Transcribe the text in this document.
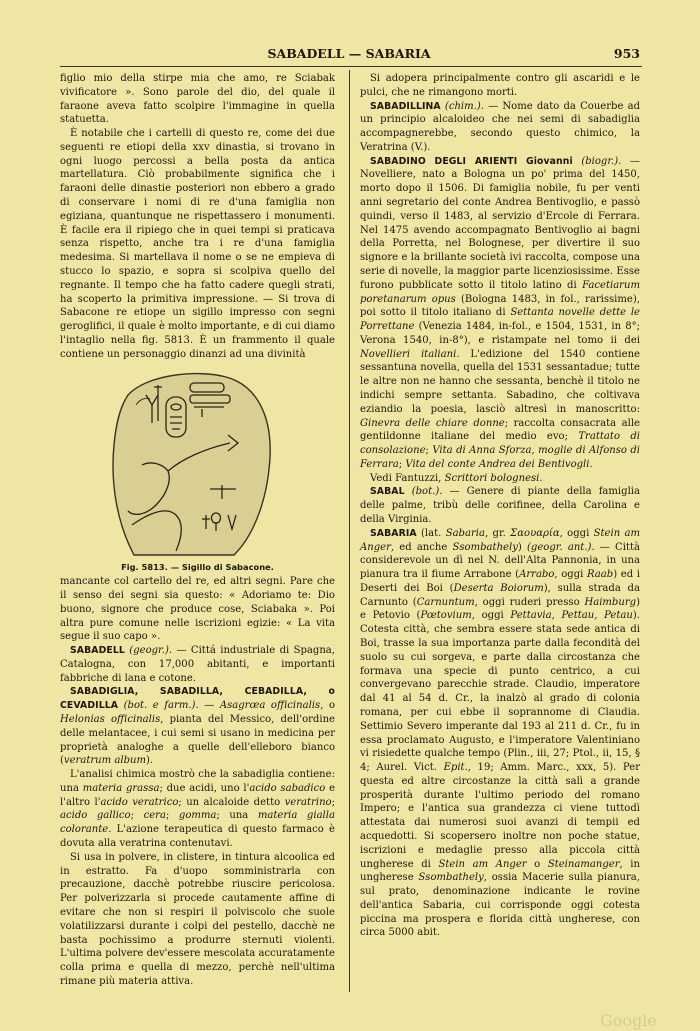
SABADELL — SABARIA	953

figlio mio della stirpe mia che amo, re Sciabak vivificatore ». Sono parole del dio, del quale il faraone aveva fatto scolpire l'immagine in quella statuetta.

È notabile che i cartelli di questo re, come dei due seguenti re etiopi della xxv dinastia, si trovano in ogni luogo percossi a bella posta da antica martellatura. Ciò probabilmente significa che i faraoni delle dinastie posteriori non ebbero a grado di conservare i nomi di re d'una famiglia non egiziana, quantunque ne rispettassero i monumenti. È facile era il ripiego che in quei tempi si praticava senza rispetto, anche tra i re d'una famiglia medesima. Si martellava il nome o se ne empieva di stucco lo spazio, e sopra si scolpiva quello del regnante. Il tempo che ha fatto cadere quegli strati, ha scoperto la primitiva impressione. — Si trova di Sabacone re etiope un sigillo impresso con segni geroglifici, il quale è molto importante, e di cui diamo l'intaglio nella fig. 5813. È un frammento il quale contiene un personaggio dinanzi ad una divinità

Fig. 5813. — Sigillo di Sabacone.

mancante col cartello del re, ed altri segni. Pare che il senso dei segni sia questo: « Adoriamo te: Dio buono, signore che produce cose, Sciabaka ». Poi altra pure comune nelle iscrizioni egizie: « La vita segue il suo capo ».

SABADELL (geogr.). — Cittá industriale di Spagna, Catalogna, con 17,000 abitanti, e importanti fabbriche di lana e cotone.

SABADIGLIA, SABADILLA, CEBADILLA, o CEVADILLA (bot. e farm.). — Asagrœa officinalis, o Helonias officinalis, pianta del Messico, dell'ordine delle melantacee, i cui semi si usano in medicina per proprietà analoghe a quelle dell'elleboro bianco (veratrum album).

L'analisi chimica mostrò che la sabadiglia contiene: una materia grassa; due acidi, uno l'acido sabadico e l'altro l'acido veratrico; un alcaloide detto veratrino; acido gallico; cera; gomma; una materia gialla colorante. L'azione terapeutica di questo farmaco è dovuta alla veratrina contenutavi.

Si usa in polvere, in clistere, in tintura alcoolica ed in estratto. Fa d'uopo somministrarla con precauzione, dacchè potrebbe riuscire pericolosa. Per polverizzarla si procede cautamente affine di evitare che non si respiri il polviscolo che suole volatilizzarsi durante i colpi del pestello, dacchè ne basta pochissimo a produrre sternuti violenti. L'ultima polvere dev'essere mescolata accuratamente colla prima e quella di mezzo, perchè nell'ultima rimane più materia attiva.

Si adopera principalmente contro gli ascaridi e le pulci, che ne rimangono morti.

SABADILLINA (chim.). — Nome dato da Couerbe ad un principio alcaloideo che nei semi di sabadiglia accompagnerebbe, secondo questo chimico, la Veratrina (V.).

SABADINO DEGLI ARIENTI Giovanni (biogr.). — Novelliere, nato a Bologna un po' prima del 1450, morto dopo il 1506. Di famiglia nobile, fu per venti anni segretario del conte Andrea Bentivoglio, e passò quindi, verso il 1483, al servizio d'Ercole di Ferrara. Nel 1475 avendo accompagnato Bentivoglio ai bagni della Porretta, nel Bolognese, per divertire il suo signore e la brillante società ivi raccolta, compose una serie di novelle, la maggior parte licenziosissime. Esse furono pubblicate sotto il titolo latino di Facetiarum poretanarum opus (Bologna 1483, in fol., rarissime), poi sotto il titolo italiano di Settanta novelle dette le Porrettane (Venezia 1484, in-fol., e 1504, 1531, in 8°; Verona 1540, in-8°), e ristampate nel tomo ii dei Novellieri italiani. L'edizione del 1540 contiene sessantuna novella, quella del 1531 sessantadue; tutte le altre non ne hanno che sessanta, benchè il titolo ne indichi sempre settanta. Sabadino, che coltivava eziandio la poesia, lasciò altresì in manoscritto: Ginevra delle chiare donne; raccolta consacrata alle gentildonne italiane del medio evo; Trattato di consolazione; Vita di Anna Sforza, moglie di Alfonso di Ferrara; Vita del conte Andrea dei Bentivogli.

Vedi Fantuzzi, Scrittori bolognesi.

SABAL (bot.). — Genere di piante della famiglia delle palme, tribù delle corifinee, della Carolina e della Virginia.

SABARIA (lat. Sabaria, gr. Σαουαρία, oggi Stein am Anger, ed anche Ssombathely) (geogr. ant.). — Città considerevole un dì nel N. dell'Alta Pannonia, in una pianura tra il fiume Arrabone (Arrabo, oggi Raab) ed i Deserti dei Boi (Deserta Boiorum), sulla strada da Carnunto (Carnuntum, oggi ruderi presso Haimburg) e Petovio (Pœtovium, oggi Pettavia, Pettau, Petau). Cotesta città, che sembra essere stata sede antica di Boi, trasse la sua importanza parte dalla fecondità del suolo su cui sorgeva, e parte dalla circostanza che formava una specie di punto centrico, a cui convergevano parecchie strade. Claudio, imperatore dal 41 al 54 d. Cr., la inalzò al grado di colonia romana, per cui ebbe il soprannome di Claudia. Settimio Severo imperante dal 193 al 211 d. Cr., fu in essa proclamato Augusto, e l'imperatore Valentiniano vi risiedette qualche tempo (Plin., iii, 27; Ptol., ii, 15, § 4; Aurel. Vict. Epit., 19; Amm. Marc., xxx, 5). Per questa ed altre circostanze la città salì a grande prosperità durante l'ultimo periodo del romano Impero; e l'antica sua grandezza ci viene tuttodì attestata dai numerosi suoi avanzi di tempii ed acquedotti. Si scopersero inoltre non poche statue, iscrizioni e medaglie presso alla piccola città ungherese di Stein am Anger o Steinamanger, in ungherese Ssombathely, ossia Macerie sulla pianura, sul prato, denominazione indicante le rovine dell'antica Sabaria, cui corrisponde oggi cotesta piccina ma prospera e florida città ungherese, con circa 5000 abit.

Google
